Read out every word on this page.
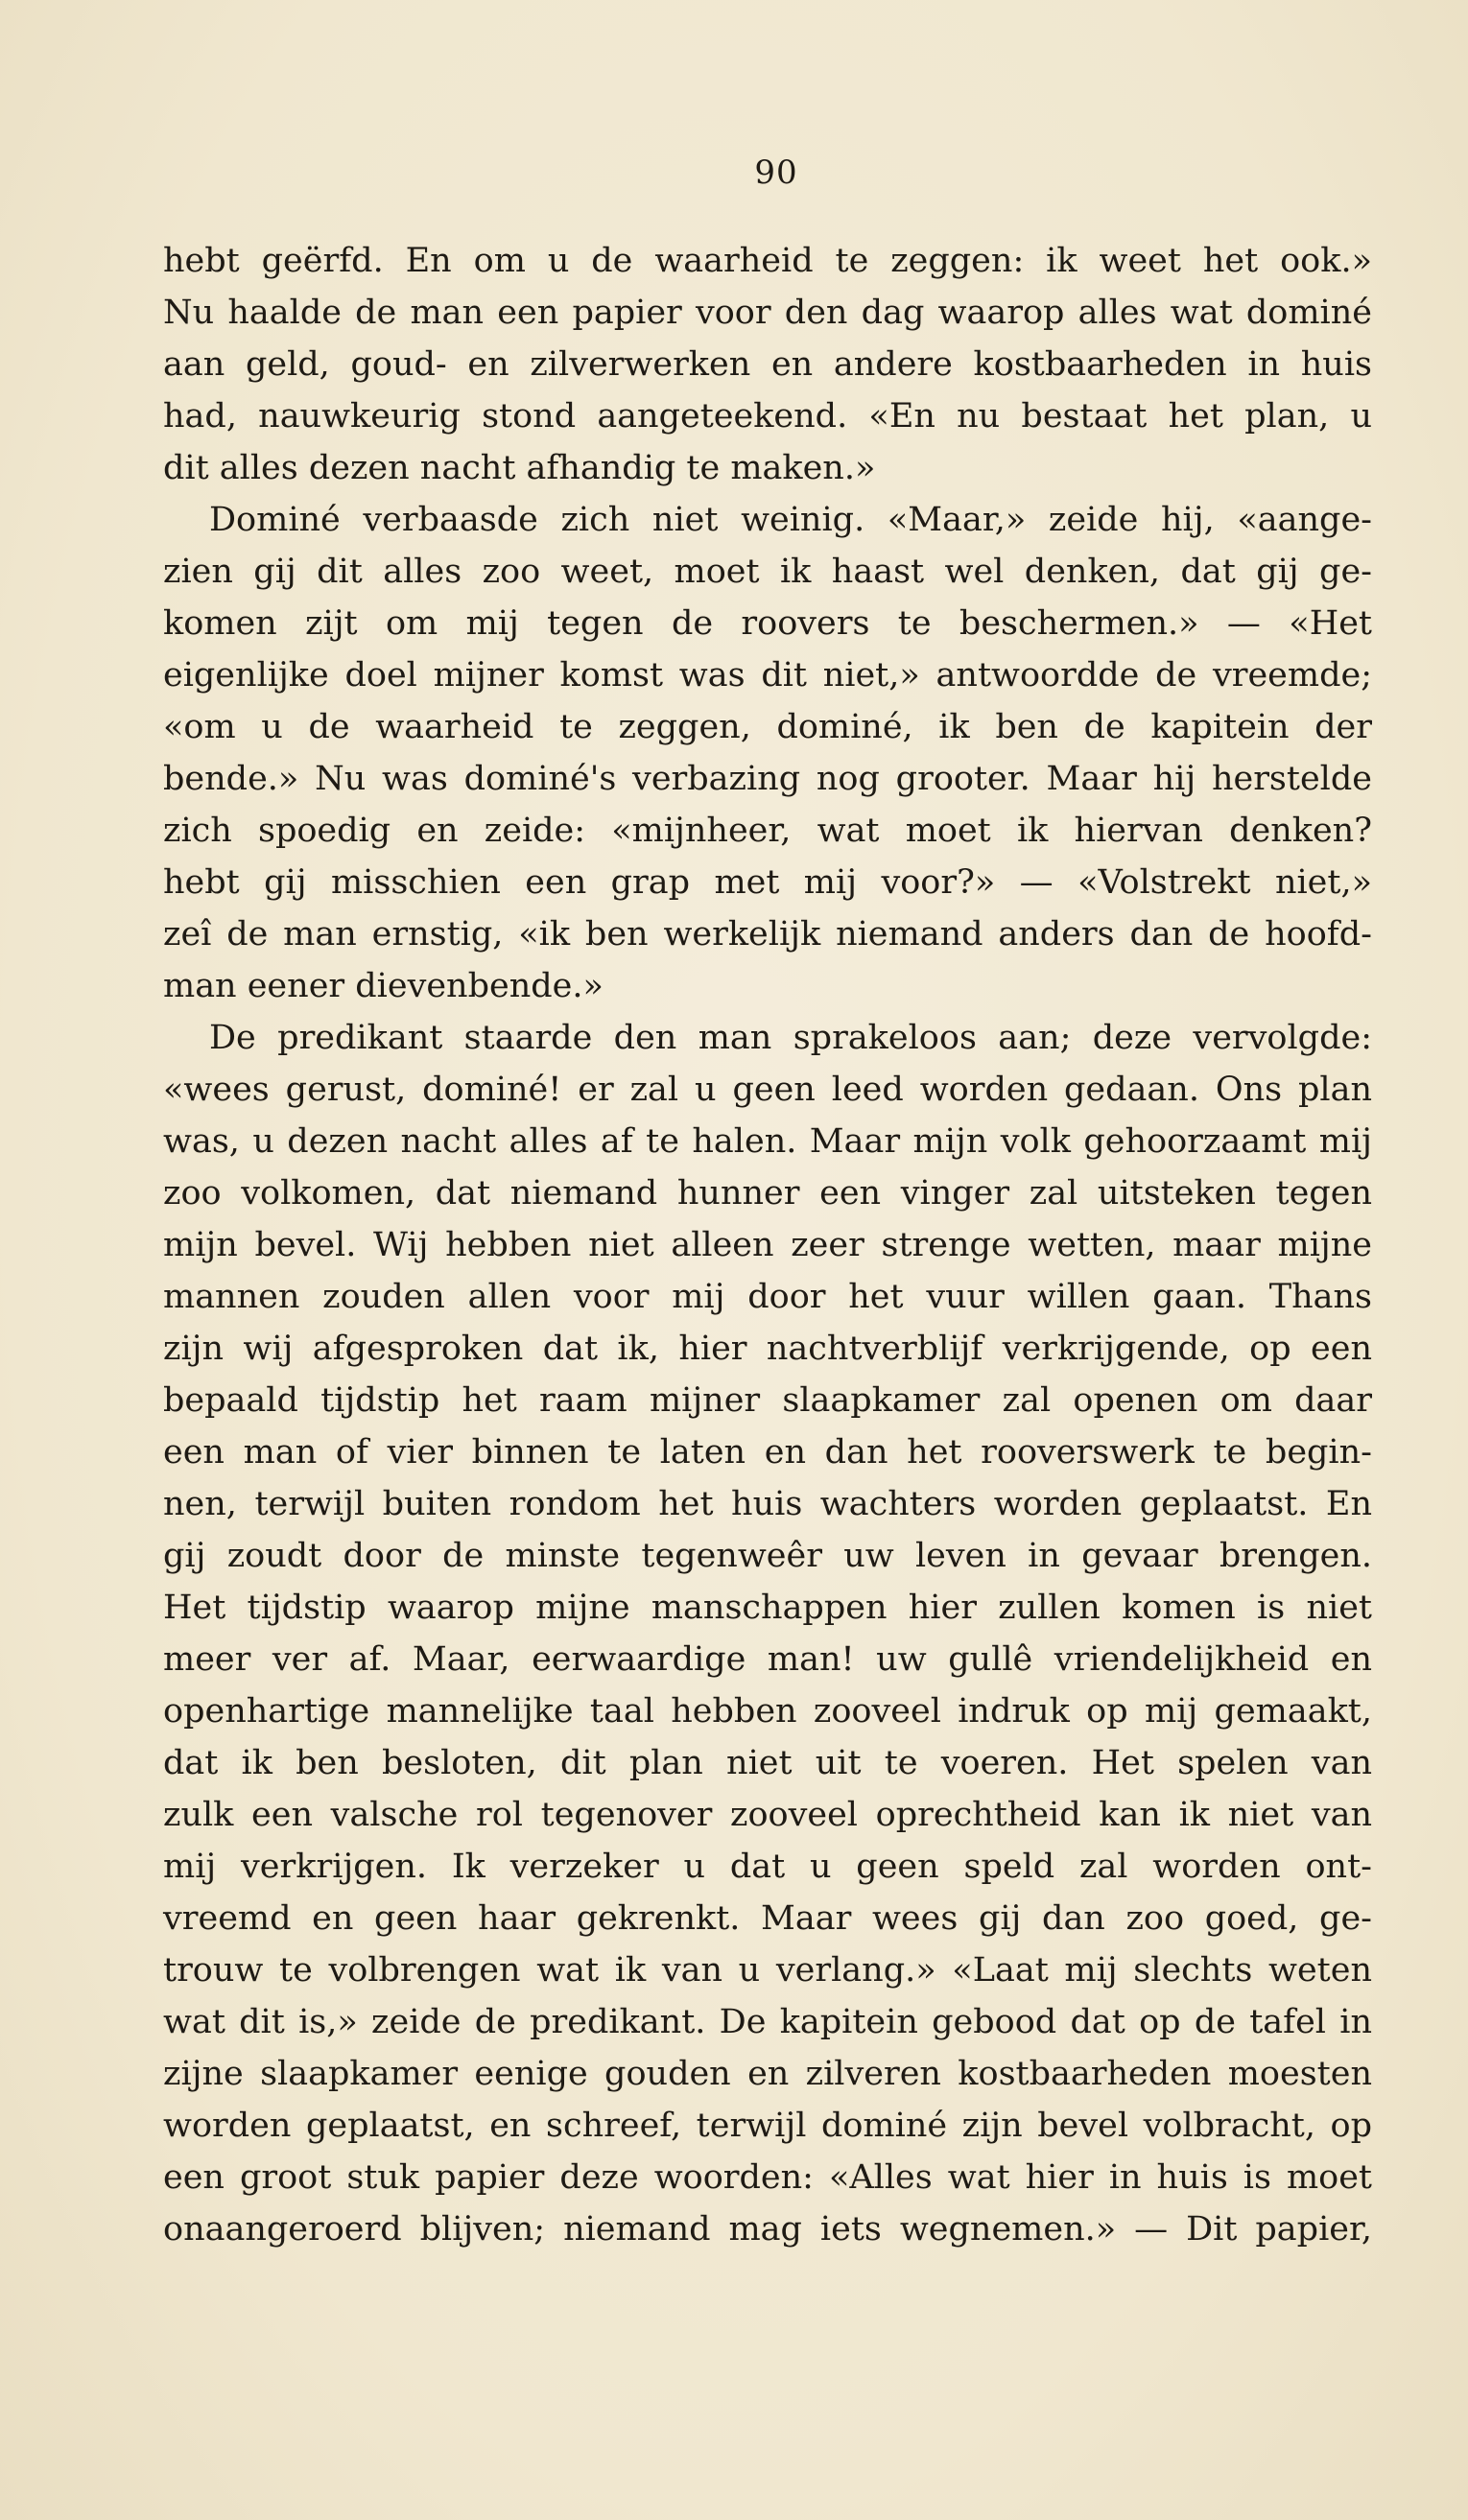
90
hebt geërfd. En om u de waarheid te zeggen: ik weet het ook.»
Nu haalde de man een papier voor den dag waarop alles wat dominé
aan geld, goud- en zilverwerken en andere kostbaarheden in huis
had, nauwkeurig stond aangeteekend. «En nu bestaat het plan, u
dit alles dezen nacht afhandig te maken.»
Dominé verbaasde zich niet weinig. «Maar,» zeide hij, «aange-
zien gij dit alles zoo weet, moet ik haast wel denken, dat gij ge-
komen zijt om mij tegen de roovers te beschermen.» — «Het
eigenlijke doel mijner komst was dit niet,» antwoordde de vreemde;
«om u de waarheid te zeggen, dominé, ik ben de kapitein der
bende.» Nu was dominé's verbazing nog grooter. Maar hij herstelde
zich spoedig en zeide: «mijnheer, wat moet ik hiervan denken?
hebt gij misschien een grap met mij voor?» — «Volstrekt niet,»
zeî de man ernstig, «ik ben werkelijk niemand anders dan de hoofd-
man eener dievenbende.»
De predikant staarde den man sprakeloos aan; deze vervolgde:
«wees gerust, dominé! er zal u geen leed worden gedaan. Ons plan
was, u dezen nacht alles af te halen. Maar mijn volk gehoorzaamt mij
zoo volkomen, dat niemand hunner een vinger zal uitsteken tegen
mijn bevel. Wij hebben niet alleen zeer strenge wetten, maar mijne
mannen zouden allen voor mij door het vuur willen gaan. Thans
zijn wij afgesproken dat ik, hier nachtverblijf verkrijgende, op een
bepaald tijdstip het raam mijner slaapkamer zal openen om daar
een man of vier binnen te laten en dan het rooverswerk te begin-
nen, terwijl buiten rondom het huis wachters worden geplaatst. En
gij zoudt door de minste tegenweêr uw leven in gevaar brengen.
Het tijdstip waarop mijne manschappen hier zullen komen is niet
meer ver af. Maar, eerwaardige man! uw gullê vriendelijkheid en
openhartige mannelijke taal hebben zooveel indruk op mij gemaakt,
dat ik ben besloten, dit plan niet uit te voeren. Het spelen van
zulk een valsche rol tegenover zooveel oprechtheid kan ik niet van
mij verkrijgen. Ik verzeker u dat u geen speld zal worden ont-
vreemd en geen haar gekrenkt. Maar wees gij dan zoo goed, ge-
trouw te volbrengen wat ik van u verlang.» «Laat mij slechts weten
wat dit is,» zeide de predikant. De kapitein gebood dat op de tafel in
zijne slaapkamer eenige gouden en zilveren kostbaarheden moesten
worden geplaatst, en schreef, terwijl dominé zijn bevel volbracht, op
een groot stuk papier deze woorden: «Alles wat hier in huis is moet
onaangeroerd blijven; niemand mag iets wegnemen.» — Dit papier,
